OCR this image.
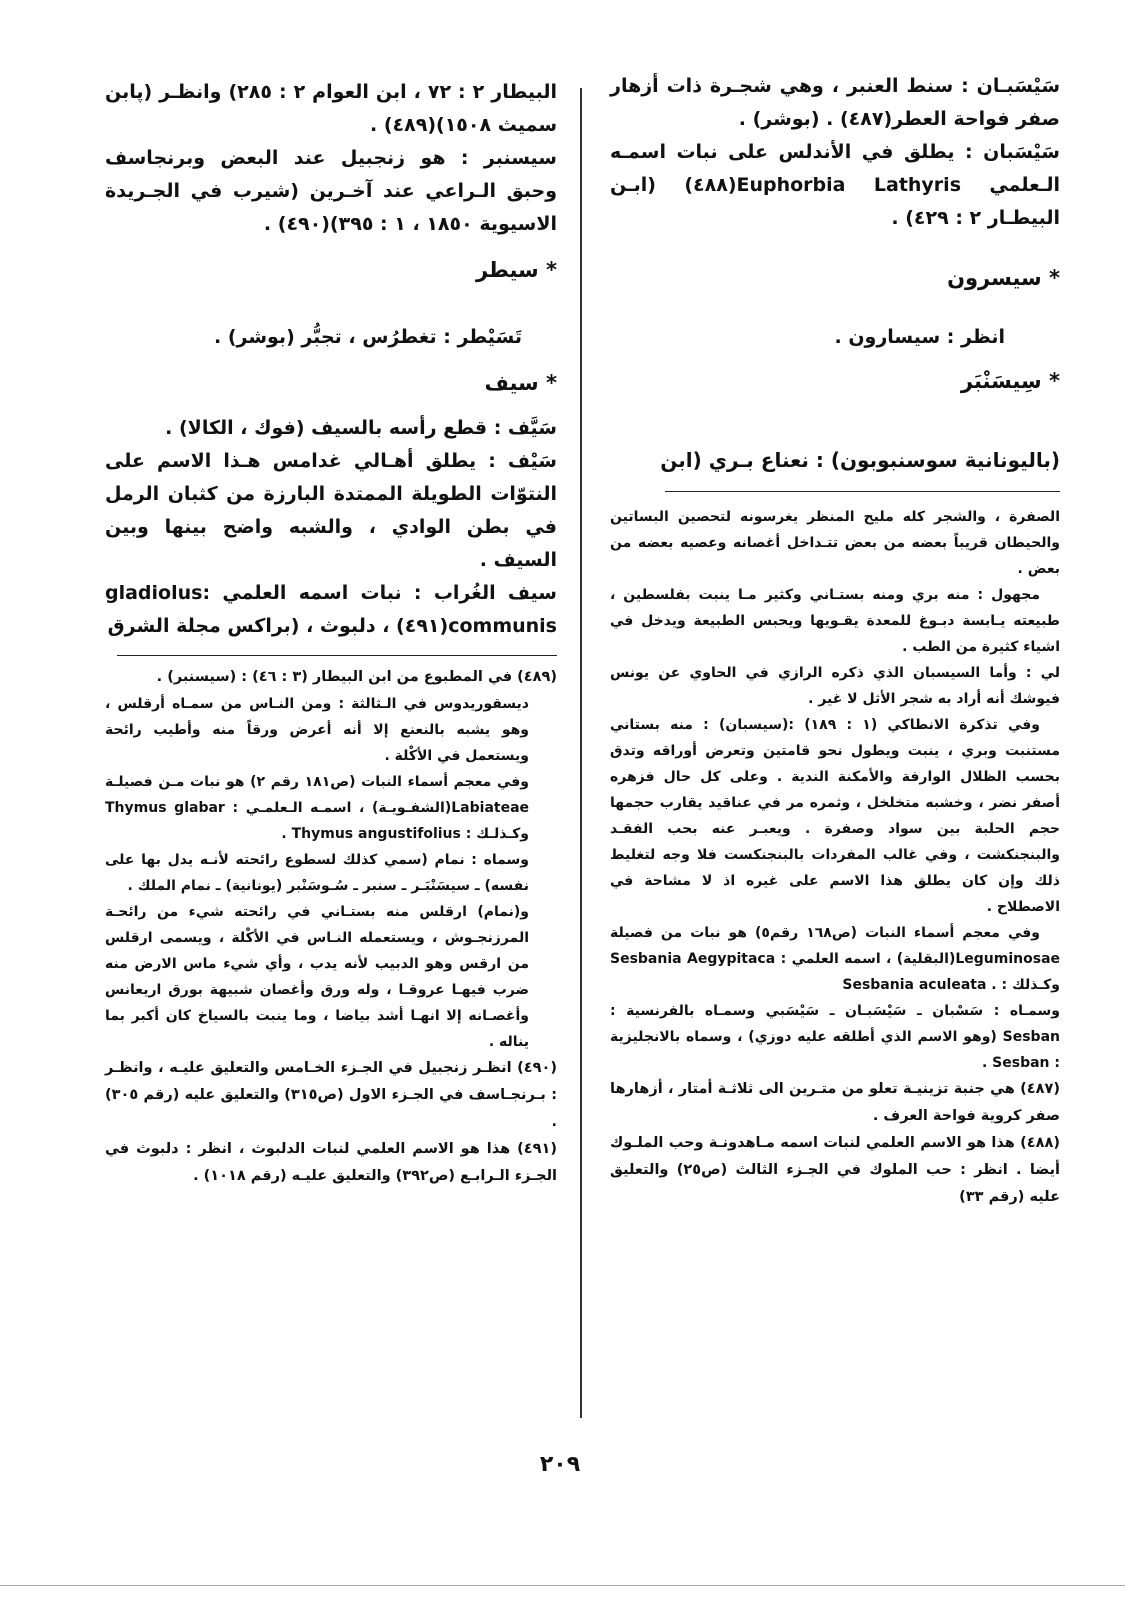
سَيْسَبـان : سنط العنبر ، وهي شجـرة ذات أزهار صفر فواحة العطر(٤٨٧) . (بوشر) .

سَيْسَبان : يطلق في الأندلس على نبات اسمـه الـعلمي Euphorbia Lathyris(٤٨٨) (ابـن البيطـار ٢ : ٤٢٩) .

* سيسرون

انظر : سيسارون .

* سِيسَنْبَر

(باليونانية سوسنبوبون) : نعناع بـري (ابن

الصفرة ، والشجر كله مليح المنظر يغرسونه لتحصين البساتين والحيطان قريباً بعضه من بعض تتـداخل أغصانه وعصيه بعضه من بعض .

مجهول : منه بري ومنه بستـاني وكثير مـا ينبت بفلسطين ، طبيعته يـابسة دبـوغ للمعدة يقـويها ويحبس الطبيعة ويدخل في اشياء كثيرة من الطب .

لي : وأما السيسبان الذي ذكره الرازي في الحاوي عن يونس فيوشك أنه أراد به شجر الأثل لا غير .

وفي تذكرة الانطاكي (١ : ١٨٩) :(سيسبان) : منه بستاني مستنبت وبري ، ينبت ويطول نحو قامتين وتعرض أوراقه وتدق بحسب الظلال الوارفة والأمكنة الندية . وعلى كل حال فزهره أصفر نضر ، وخشبه متخلخل ، وثمره مر في عناقيد يقارب حجمها حجم الحلبة بين سواد وصفرة . ويعبـر عنه بحب الفقـد والبنجنكشت ، وفي غالب المفردات بالبنجنكست فلا وجه لتغليط ذلك وإن كان يطلق هذا الاسم على غيره اذ لا مشاحة في الاصطلاح .

وفي معجم أسماء النبات (ص١٦٨ رقم٥) هو نبات من فصيلة Leguminosae(البقلية) ، اسمه العلمي : Sesbania Aegypitaca وكـذلك : . Sesbania aculeata

وسمـاه : سَسْبان ـ سَيْسَبـان ـ سَيْسَبي وسمـاه بالفرنسية : Sesban (وهو الاسم الذي أطلقه عليه دوزي) ، وسماه بالانجليزية : Sesban .

(٤٨٧) هي جنبة تزينيـة تعلو من متـرين الى ثلاثـة أمتار ، أزهارها صفر كروية فواحة العرف .

(٤٨٨) هذا هو الاسم العلمي لنبات اسمه مـاهدونـة وحب الملـوك أيضا . انظر : حب الملوك في الجـزء الثالث (ص٢٥) والتعليق عليه (رقم ٣٣)

البيطار ٢ : ٧٢ ، ابن العوام ٢ : ٢٨٥) وانظـر (پابن سميث ١٥٠٨)(٤٨٩) .

سيسنبر : هو زنجبيل عند البعض وبرنجاسف وحبق الـراعي عند آخـرين (شيرب في الجـريدة الاسيوية ١٨٥٠ ، ١ : ٣٩٥)(٤٩٠) .

* سيطر

تَسَيْطر : تغطرُس ، تجبُّر (بوشر) .

* سيف

سَيَّف : قطع رأسه بالسيف (فوك ، الكالا) .

سَيْف : يطلق أهـالي غدامس هـذا الاسم على النتوّات الطويلة الممتدة البارزة من كثبان الرمل في بطن الوادي ، والشبه واضح بينها وبين السيف .

سيف الغُراب : نبات اسمه العلمي gladiolus: communis(٤٩١) ، دلبوث ، (براكس مجلة الشرق

(٤٨٩) في المطبوع من ابن البيطار (٣ : ٤٦) : (سيسنبر) .

ديسقوريدوس في الـثالثة : ومن النـاس من سمـاه أرقلس ، وهو يشبه بالنعنع إلا أنه أعرض ورقاً منه وأطيب رائحة ويستعمل في الأكْلة .

وفي معجم أسماء النبات (ص١٨١ رقم ٢) هو نبات مـن فصيلـة Labiateae(الشفـويـة) ، اسمـه الـعلمـي : Thymus glabar وكـذلـك : Thymus angustifolius .

وسماه : نمام (سمي كذلك لسطوع رائحته لأنـه يدل بها على نفسه) ـ سيسَنْبَـر ـ سنبر ـ سُـوسَنْبر (يونانية) ـ نمام الملك .

و(نمام) ارقلس منه بستـاني في رائحته شيء من رائحـة المرزنجـوش ، ويستعمله النـاس في الأكْلة ، ويسمى ارقلس من ارقس وهو الدبيب لأنه يدب ، وأي شيء ماس الارض منه ضرب فيهـا عروقـا ، وله ورق وأغصان شبيهة بورق اريعانس وأغصـانه إلا انهـا أشد بياضا ، وما ينبت بالسياخ كان أكبر بما يناله .

(٤٩٠) انظـر زنجبيل في الجـزء الخـامس والتعليق عليـه ، وانظـر : بـرنجـاسف في الجـزء الاول (ص٣١٥) والتعليق عليه (رقم ٣٠٥) .

(٤٩١) هذا هو الاسم العلمي لنبات الدلبوث ، انظر : دلبوث في الجـزء الـرابـع (ص٣٩٢) والتعليق عليـه (رقم ١٠١٨) .

٢٠٩
